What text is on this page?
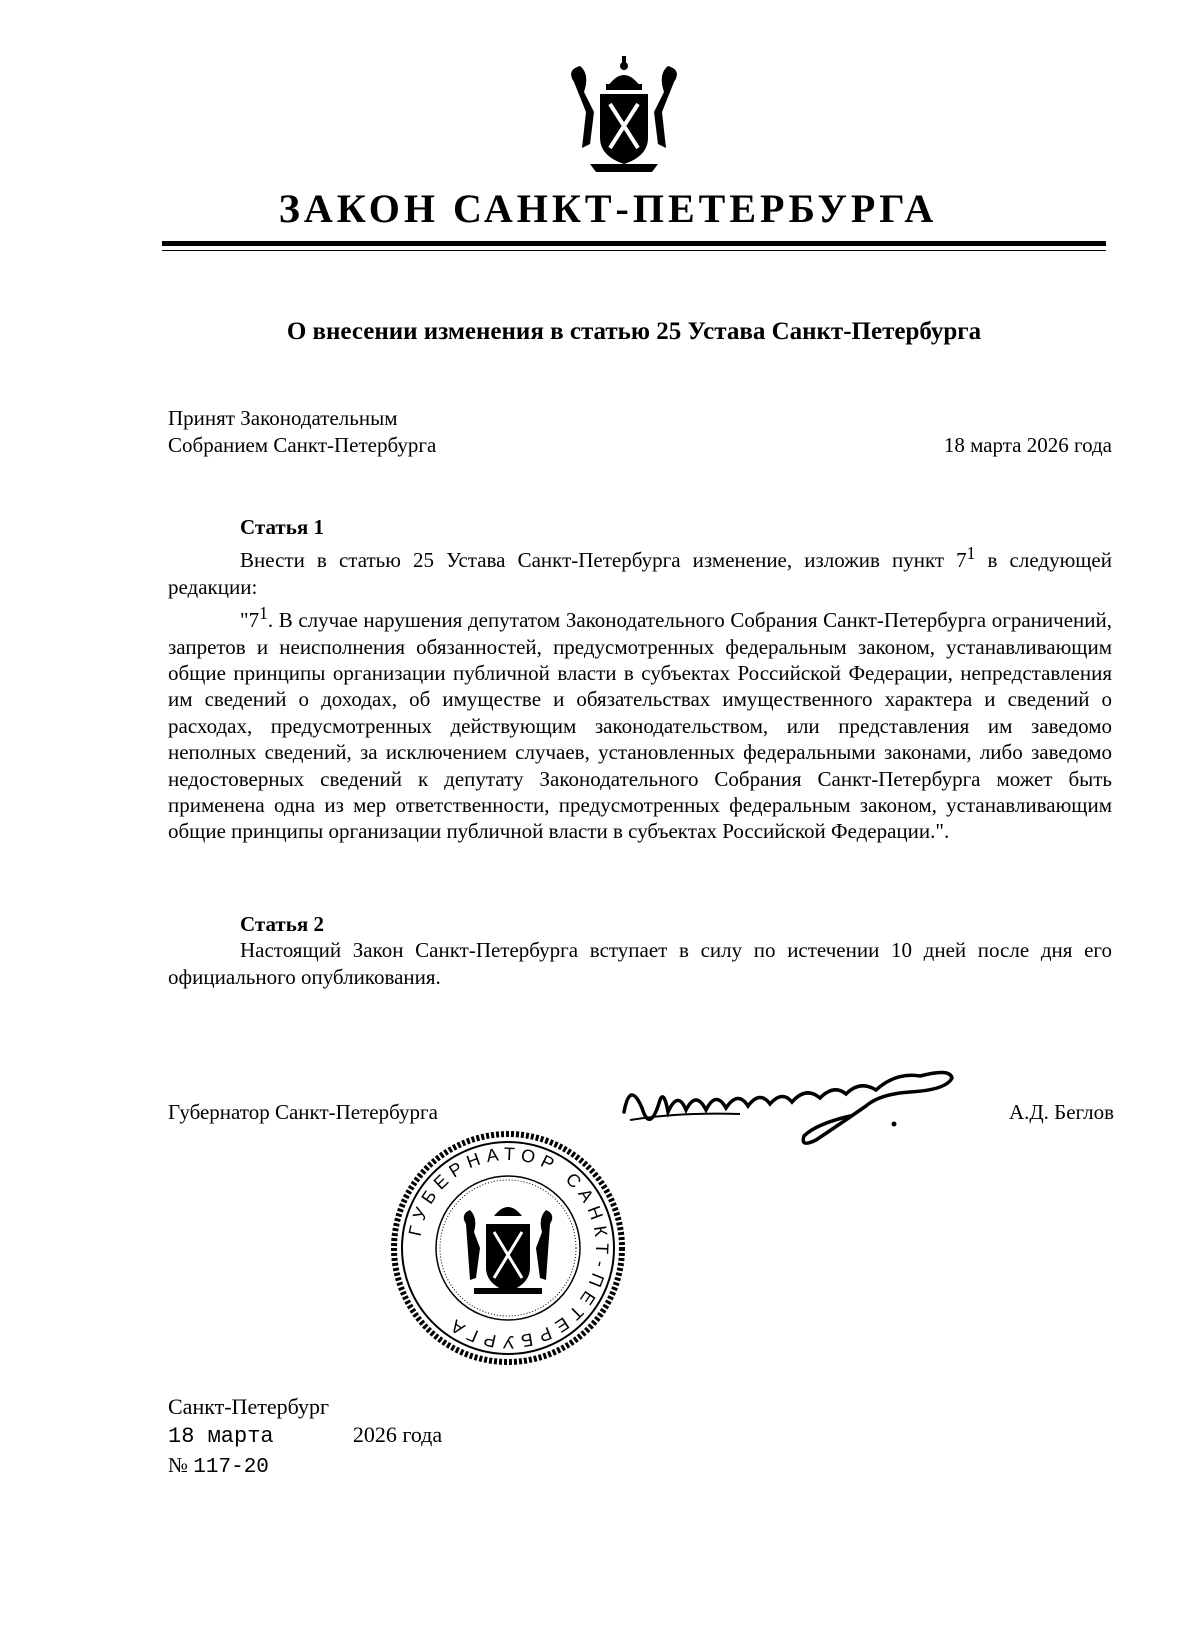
ЗАКОН САНКТ-ПЕТЕРБУРГА
О внесении изменения в статью 25 Устава Санкт-Петербурга
Принят Законодательным
Собранием Санкт-Петербурга	18 марта 2026 года
Статья 1

Внести в статью 25 Устава Санкт-Петербурга изменение, изложив пункт $7^1$ в следующей редакции:

"$7^1$. В случае нарушения депутатом Законодательного Собрания Санкт-Петербурга ограничений, запретов и неисполнения обязанностей, предусмотренных федеральным законом, устанавливающим общие принципы организации публичной власти в субъектах Российской Федерации, непредставления им сведений о доходах, об имуществе и обязательствах имущественного характера и сведений о расходах, предусмотренных действующим законодательством, или представления им заведомо неполных сведений, за исключением случаев, установленных федеральными законами, либо заведомо недостоверных сведений к депутату Законодательного Собрания Санкт-Петербурга может быть применена одна из мер ответственности, предусмотренных федеральным законом, устанавливающим общие принципы организации публичной власти в субъектах Российской Федерации.".

Статья 2

Настоящий Закон Санкт-Петербурга вступает в силу по истечении 10 дней после дня его официального опубликования.

Губернатор Санкт-Петербурга	А.Д. Беглов
ГУБЕРНАТОР САНКТ-ПЕТЕРБУРГА
Санкт-Петербург
18 марта	2026 года
№ 117-20
